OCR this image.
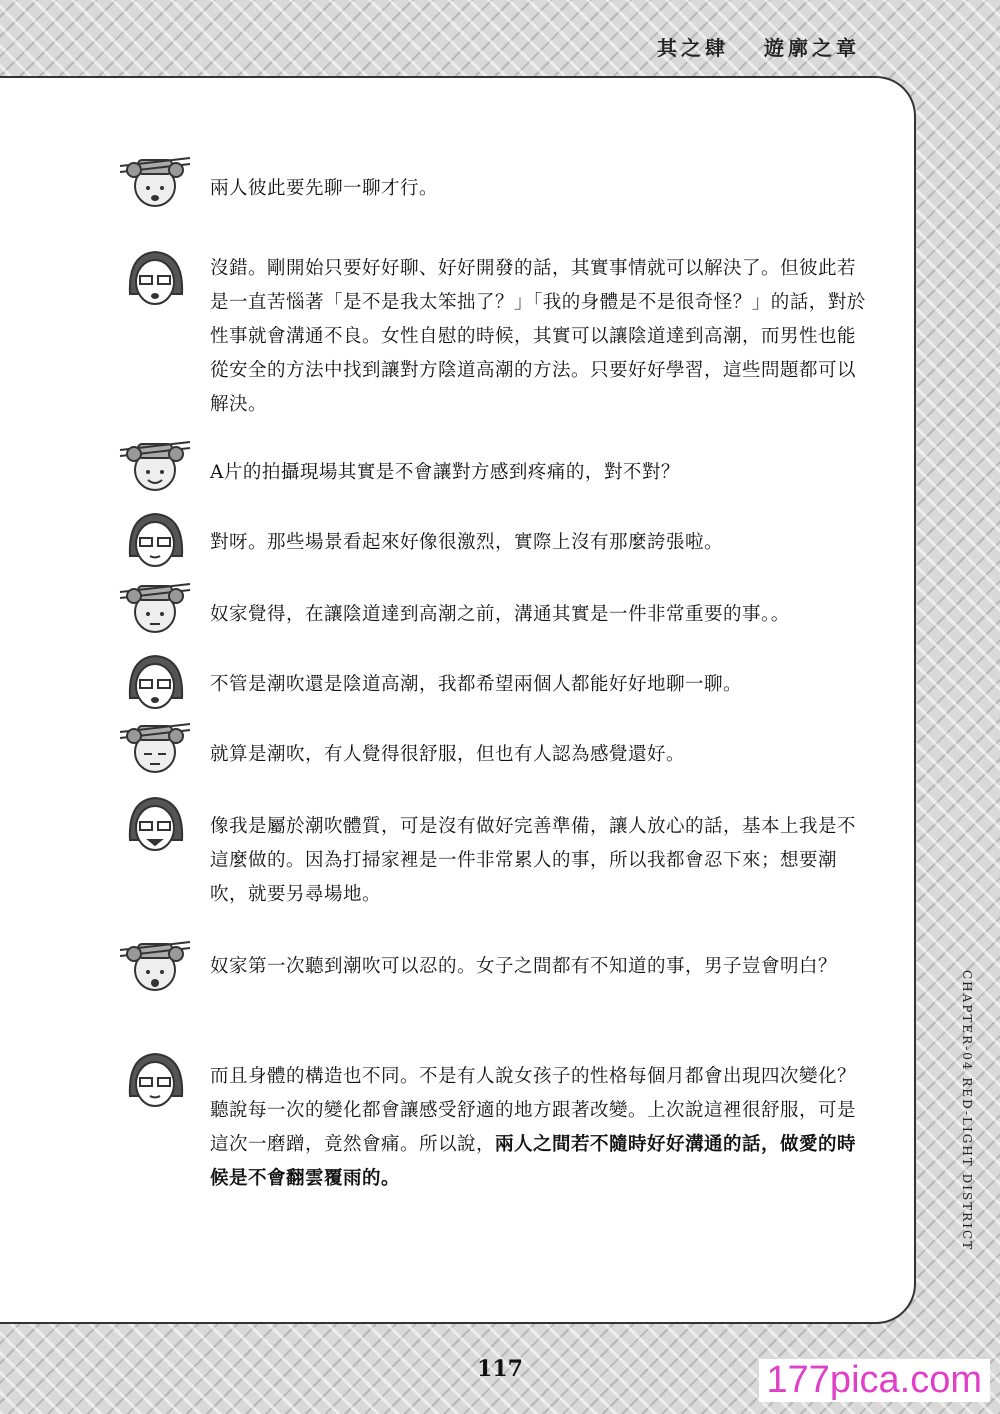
其之肆 遊廓之章
兩人彼此要先聊一聊才行。
沒錯。剛開始只要好好聊、好好開發的話，其實事情就可以解決了。但彼此若是一直苦惱著「是不是我太笨拙了？」「我的身體是不是很奇怪？」的話，對於性事就會溝通不良。女性自慰的時候，其實可以讓陰道達到高潮，而男性也能從安全的方法中找到讓對方陰道高潮的方法。只要好好學習，這些問題都可以解決。
A片的拍攝現場其實是不會讓對方感到疼痛的，對不對？
對呀。那些場景看起來好像很激烈，實際上沒有那麼誇張啦。
奴家覺得，在讓陰道達到高潮之前，溝通其實是一件非常重要的事。。
不管是潮吹還是陰道高潮，我都希望兩個人都能好好地聊一聊。
就算是潮吹，有人覺得很舒服，但也有人認為感覺還好。
像我是屬於潮吹體質，可是沒有做好完善準備，讓人放心的話，基本上我是不這麼做的。因為打掃家裡是一件非常累人的事，所以我都會忍下來；想要潮吹，就要另尋場地。
奴家第一次聽到潮吹可以忍的。女子之間都有不知道的事，男子豈會明白？
而且身體的構造也不同。不是有人說女孩子的性格每個月都會出現四次變化？聽說每一次的變化都會讓感受舒適的地方跟著改變。上次說這裡很舒服，可是這次一磨蹭，竟然會痛。所以說，兩人之間若不隨時好好溝通的話，做愛的時候是不會翻雲覆雨的。	CHAPTER-04 RED-LIGHT DISTRICT
117	177pica.com
